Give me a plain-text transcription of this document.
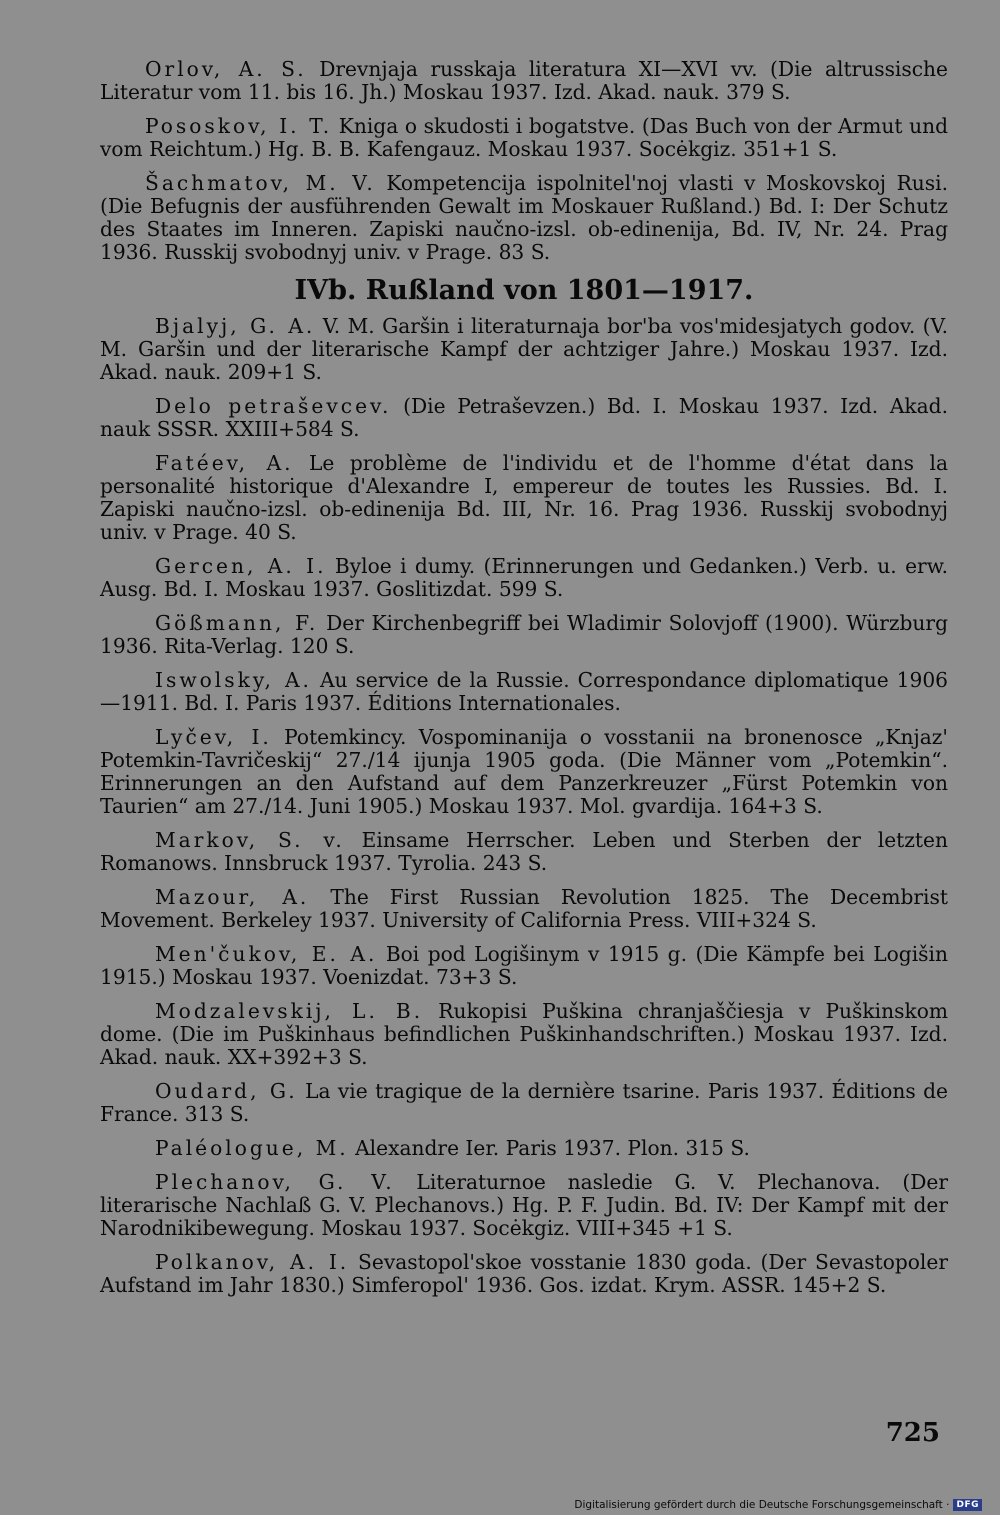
Orlov, A. S. Drevnjaja russkaja literatura XI—XVI vv. (Die altrussische Literatur vom 11. bis 16. Jh.) Moskau 1937. Izd. Akad. nauk. 379 S.

Pososkov, I. T. Kniga o skudosti i bogatstve. (Das Buch von der Armut und vom Reichtum.) Hg. B. B. Kafengauz. Moskau 1937. Socėkgiz. 351+1 S.

Šachmatov, M. V. Kompetencija ispolnitel'noj vlasti v Moskovskoj Rusi. (Die Befugnis der ausführenden Gewalt im Moskauer Rußland.) Bd. I: Der Schutz des Staates im Inneren. Zapiski naučno-izsl. ob-edinenija, Bd. IV, Nr. 24. Prag 1936. Russkij svobodnyj univ. v Prage. 83 S.

IVb. Rußland von 1801—1917.

Bjalyj, G. A. V. M. Garšin i literaturnaja bor'ba vos'midesjatych godov. (V. M. Garšin und der literarische Kampf der achtziger Jahre.) Moskau 1937. Izd. Akad. nauk. 209+1 S.

Delo petraševcev. (Die Petraševzen.) Bd. I. Moskau 1937. Izd. Akad. nauk SSSR. XXIII+584 S.

Fatéev, A. Le problème de l'individu et de l'homme d'état dans la personalité historique d'Alexandre I, empereur de toutes les Russies. Bd. I. Zapiski naučno-izsl. ob-edinenija Bd. III, Nr. 16. Prag 1936. Russkij svobodnyj univ. v Prage. 40 S.

Gercen, A. I. Byloe i dumy. (Erinnerungen und Gedanken.) Verb. u. erw. Ausg. Bd. I. Moskau 1937. Goslitizdat. 599 S.

Gößmann, F. Der Kirchenbegriff bei Wladimir Solovjoff (1900). Würzburg 1936. Rita-Verlag. 120 S.

Iswolsky, A. Au service de la Russie. Correspondance diplomatique 1906—1911. Bd. I. Paris 1937. Éditions Internationales.

Lyčev, I. Potemkincy. Vospominanija o vosstanii na bronenosce „Knjaz' Potemkin-Tavričeskij“ 27./14 ijunja 1905 goda. (Die Männer vom „Potemkin“. Erinnerungen an den Aufstand auf dem Panzerkreuzer „Fürst Potemkin von Taurien“ am 27./14. Juni 1905.) Moskau 1937. Mol. gvardija. 164+3 S.

Markov, S. v. Einsame Herrscher. Leben und Sterben der letzten Romanows. Innsbruck 1937. Tyrolia. 243 S.

Mazour, A. The First Russian Revolution 1825. The Decembrist Movement. Berkeley 1937. University of California Press. VIII+324 S.

Men'čukov, E. A. Boi pod Logišinym v 1915 g. (Die Kämpfe bei Logišin 1915.) Moskau 1937. Voenizdat. 73+3 S.

Modzalevskij, L. B. Rukopisi Puškina chranjaščiesja v Puškinskom dome. (Die im Puškinhaus befindlichen Puškinhandschriften.) Moskau 1937. Izd. Akad. nauk. XX+392+3 S.

Oudard, G. La vie tragique de la dernière tsarine. Paris 1937. Éditions de France. 313 S.

Paléologue, M. Alexandre Ier. Paris 1937. Plon. 315 S.

Plechanov, G. V. Literaturnoe nasledie G. V. Plechanova. (Der literarische Nachlaß G. V. Plechanovs.) Hg. P. F. Judin. Bd. IV: Der Kampf mit der Narodnikibewegung. Moskau 1937. Socėkgiz. VIII+345 +1 S.

Polkanov, A. I. Sevastopol'skoe vosstanie 1830 goda. (Der Sevastopoler Aufstand im Jahr 1830.) Simferopol' 1936. Gos. izdat. Krym. ASSR. 145+2 S.

725
Digitalisierung gefördert durch die Deutsche Forschungsgemeinschaft · DFG
